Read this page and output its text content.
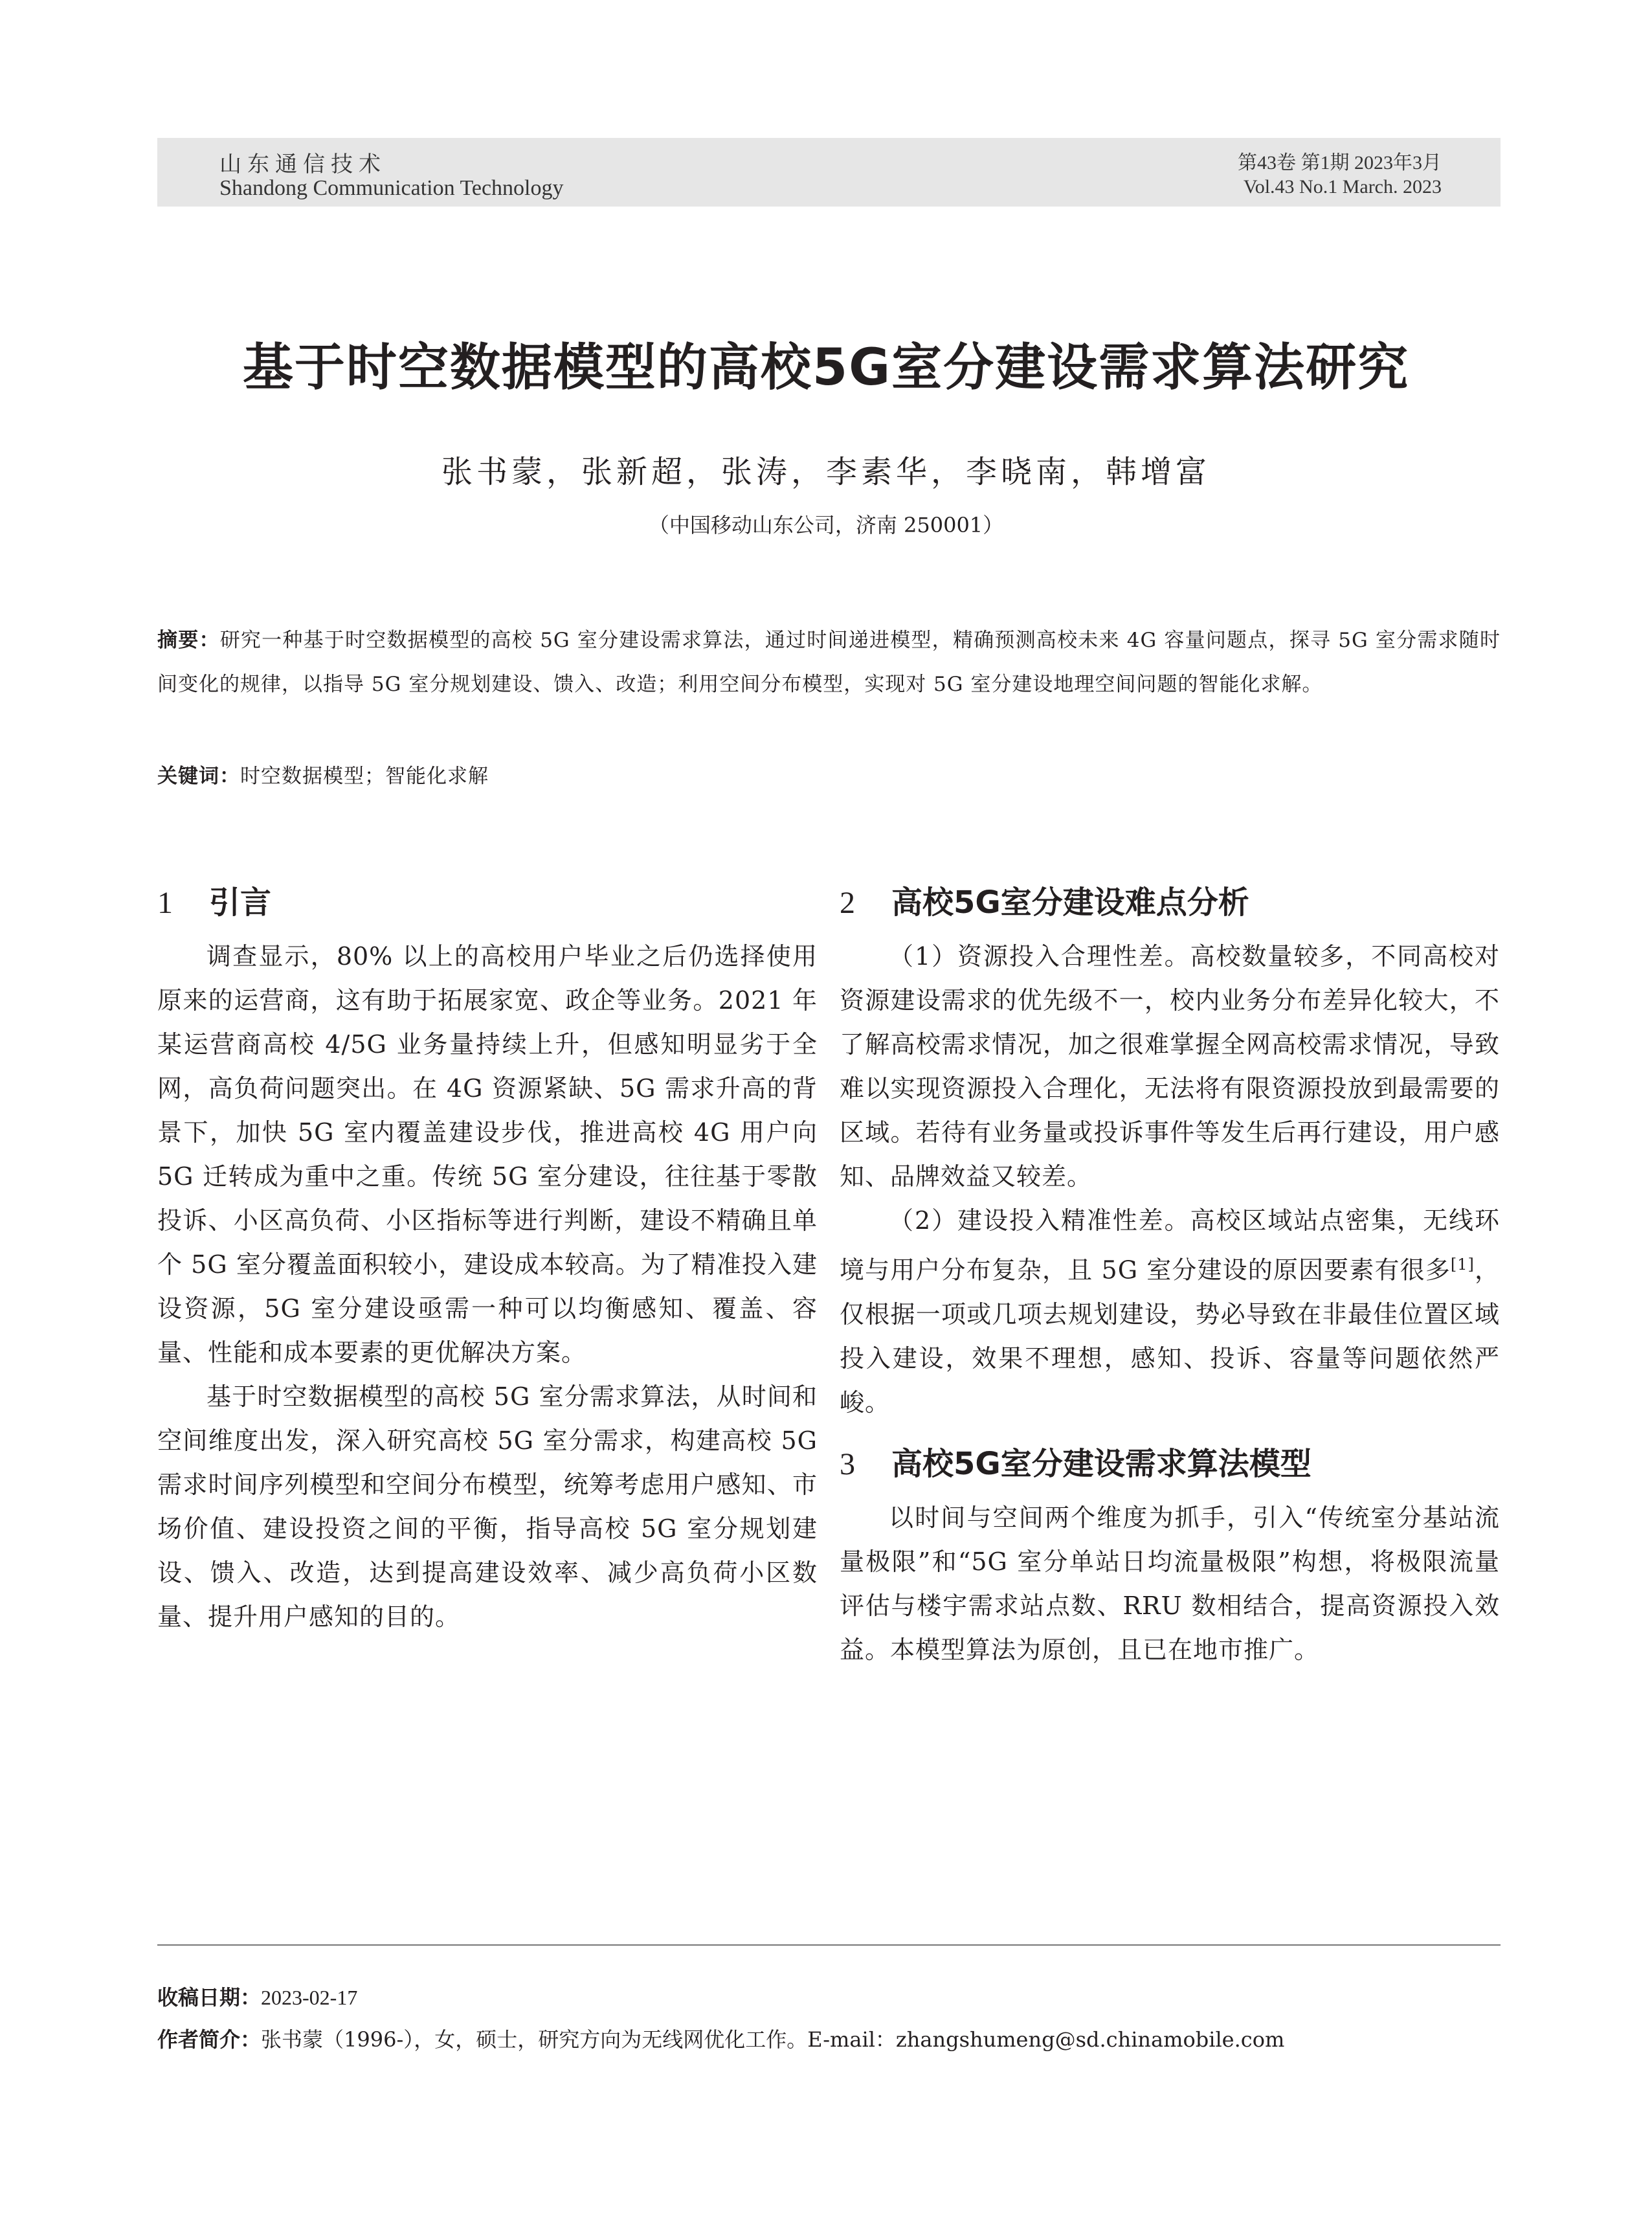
山东通信技术
Shandong Communication Technology
第43卷 第1期 2023年3月
Vol.43 No.1 March. 2023
基于时空数据模型的高校5G室分建设需求算法研究
张书蒙，张新超，张涛，李素华，李晓南，韩增富
（中国移动山东公司，济南 250001）
摘要：研究一种基于时空数据模型的高校 5G 室分建设需求算法，通过时间递进模型，精确预测高校未来 4G 容量问题点，探寻 5G 室分需求随时间变化的规律，以指导 5G 室分规划建设、馈入、改造；利用空间分布模型，实现对 5G 室分建设地理空间问题的智能化求解。
关键词：时空数据模型；智能化求解
1 引言

调查显示，80% 以上的高校用户毕业之后仍选择使用原来的运营商，这有助于拓展家宽、政企等业务。2021 年某运营商高校 4/5G 业务量持续上升，但感知明显劣于全网，高负荷问题突出。在 4G 资源紧缺、5G 需求升高的背景下，加快 5G 室内覆盖建设步伐，推进高校 4G 用户向 5G 迁转成为重中之重。传统 5G 室分建设，往往基于零散投诉、小区高负荷、小区指标等进行判断，建设不精确且单个 5G 室分覆盖面积较小，建设成本较高。为了精准投入建设资源，5G 室分建设亟需一种可以均衡感知、覆盖、容量、性能和成本要素的更优解决方案。

基于时空数据模型的高校 5G 室分需求算法，从时间和空间维度出发，深入研究高校 5G 室分需求，构建高校 5G 需求时间序列模型和空间分布模型，统筹考虑用户感知、市场价值、建设投资之间的平衡，指导高校 5G 室分规划建设、馈入、改造，达到提高建设效率、减少高负荷小区数量、提升用户感知的目的。

2 高校5G室分建设难点分析

（1）资源投入合理性差。高校数量较多，不同高校对资源建设需求的优先级不一，校内业务分布差异化较大，不了解高校需求情况，加之很难掌握全网高校需求情况，导致难以实现资源投入合理化，无法将有限资源投放到最需要的区域。若待有业务量或投诉事件等发生后再行建设，用户感知、品牌效益又较差。

（2）建设投入精准性差。高校区域站点密集，无线环境与用户分布复杂，且 5G 室分建设的原因要素有很多[1]，仅根据一项或几项去规划建设，势必导致在非最佳位置区域投入建设，效果不理想，感知、投诉、容量等问题依然严峻。

3 高校5G室分建设需求算法模型

以时间与空间两个维度为抓手，引入“传统室分基站流量极限”和“5G 室分单站日均流量极限”构想，将极限流量评估与楼宇需求站点数、RRU 数相结合，提高资源投入效益。本模型算法为原创，且已在地市推广。

收稿日期：2023-02-17
作者简介：张书蒙（1996-），女，硕士，研究方向为无线网优化工作。E-mail：zhangshumeng@sd.chinamobile.com
